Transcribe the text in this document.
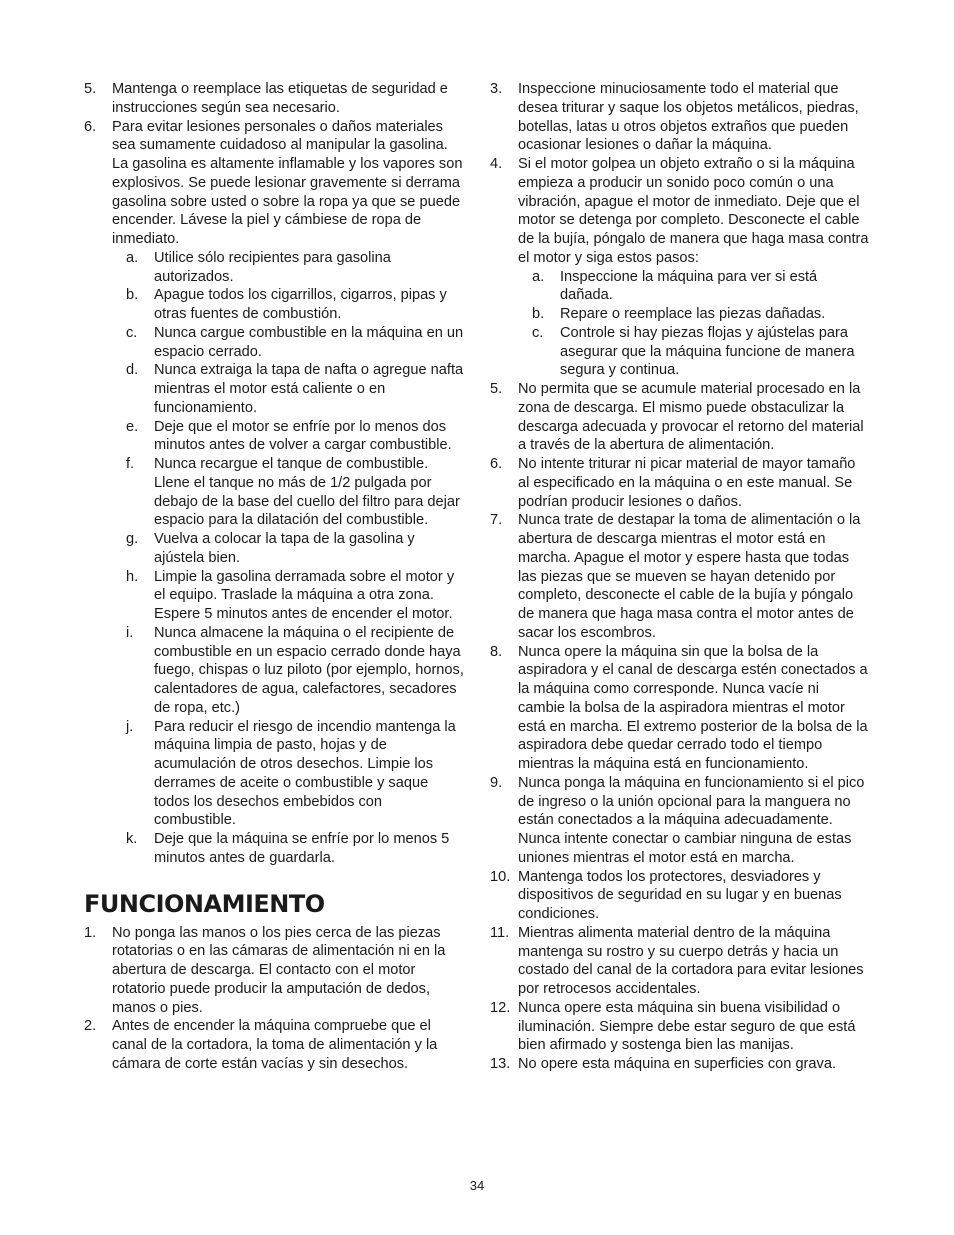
5.	Mantenga o reemplace las etiquetas de seguridad e instrucciones según sea necesario.
6.	Para evitar lesiones personales o daños materiales sea sumamente cuidadoso al manipular la gasolina. La gasolina es altamente inflamable y los vapores son explosivos. Se puede lesionar gravemente si derrama gasolina sobre usted o sobre la ropa ya que se puede encender. Lávese la piel y cámbiese de ropa de inmediato.
a.	Utilice sólo recipientes para gasolina autorizados.
b.	Apague todos los cigarrillos, cigarros, pipas y otras fuentes de combustión.
c.	Nunca cargue combustible en la máquina en un espacio cerrado.
d.	Nunca extraiga la tapa de nafta o agregue nafta mientras el motor está caliente o en funcionamiento.
e.	Deje que el motor se enfríe por lo menos dos minutos antes de volver a cargar combustible.
f.	Nunca recargue el tanque de combustible. Llene el tanque no más de 1/2 pulgada por debajo de la base del cuello del filtro para dejar espacio para la dilatación del combustible.
g.	Vuelva a colocar la tapa de la gasolina y ajústela bien.
h.	Limpie la gasolina derramada sobre el motor y el equipo. Traslade la máquina a otra zona. Espere 5 minutos antes de encender el motor.
i.	Nunca almacene la máquina o el recipiente de combustible en un espacio cerrado donde haya fuego, chispas o luz piloto (por ejemplo, hornos, calentadores de agua, calefactores, secadores de ropa, etc.)
j.	Para reducir el riesgo de incendio mantenga la máquina limpia de pasto, hojas y de acumulación de otros desechos. Limpie los derrames de aceite o combustible y saque todos los desechos embebidos con combustible.
k.	Deje que la máquina se enfríe por lo menos 5 minutos antes de guardarla.
FUNCIONAMIENTO
1.	No ponga las manos o los pies cerca de las piezas rotatorias o en las cámaras de alimentación ni en la abertura de descarga. El contacto con el motor rotatorio puede producir la amputación de dedos, manos o pies.
2.	Antes de encender la máquina compruebe que el canal de la cortadora, la toma de alimentación y la cámara de corte están vacías y sin desechos.
3.	Inspeccione minuciosamente todo el material que desea triturar y saque los objetos metálicos, piedras, botellas, latas u otros objetos extraños que pueden ocasionar lesiones o dañar la máquina.
4.	Si el motor golpea un objeto extraño o si la máquina empieza a producir un sonido poco común o una vibración, apague el motor de inmediato. Deje que el motor se detenga por completo. Desconecte el cable de la bujía, póngalo de manera que haga masa contra el motor y siga estos pasos:
a.	Inspeccione la máquina para ver si está dañada.
b.	Repare o reemplace las piezas dañadas.
c.	Controle si hay piezas flojas y ajústelas para asegurar que la máquina funcione de manera segura y continua.
5.	No permita que se acumule material procesado en la zona de descarga. El mismo puede obstaculizar la descarga adecuada y provocar el retorno del material a través de la abertura de alimentación.
6.	No intente triturar ni picar material de mayor tamaño al especificado en la máquina o en este manual. Se podrían producir lesiones o daños.
7.	Nunca trate de destapar la toma de alimentación o la abertura de descarga mientras el motor está en marcha. Apague el motor y espere hasta que todas las piezas que se mueven se hayan detenido por completo, desconecte el cable de la bujía y póngalo de manera que haga masa contra el motor antes de sacar los escombros.
8.	Nunca opere la máquina sin que la bolsa de la aspiradora y el canal de descarga estén conectados a la máquina como corresponde. Nunca vacíe ni cambie la bolsa de la aspiradora mientras el motor está en marcha. El extremo posterior de la bolsa de la aspiradora debe quedar cerrado todo el tiempo mientras la máquina está en funcionamiento.
9.	Nunca ponga la máquina en funcionamiento si el pico de ingreso o la unión opcional para la manguera no están conectados a la máquina adecuadamente. Nunca intente conectar o cambiar ninguna de estas uniones mientras el motor está en marcha.
10. Mantenga todos los protectores, desviadores y dispositivos de seguridad en su lugar y en buenas condiciones.
11. Mientras alimenta material dentro de la máquina mantenga su rostro y su cuerpo detrás y hacia un costado del canal de la cortadora para evitar lesiones por retrocesos accidentales.
12. Nunca opere esta máquina sin buena visibilidad o iluminación. Siempre debe estar seguro de que está bien afirmado y sostenga bien las manijas.
13. No opere esta máquina en superficies con grava.
34
